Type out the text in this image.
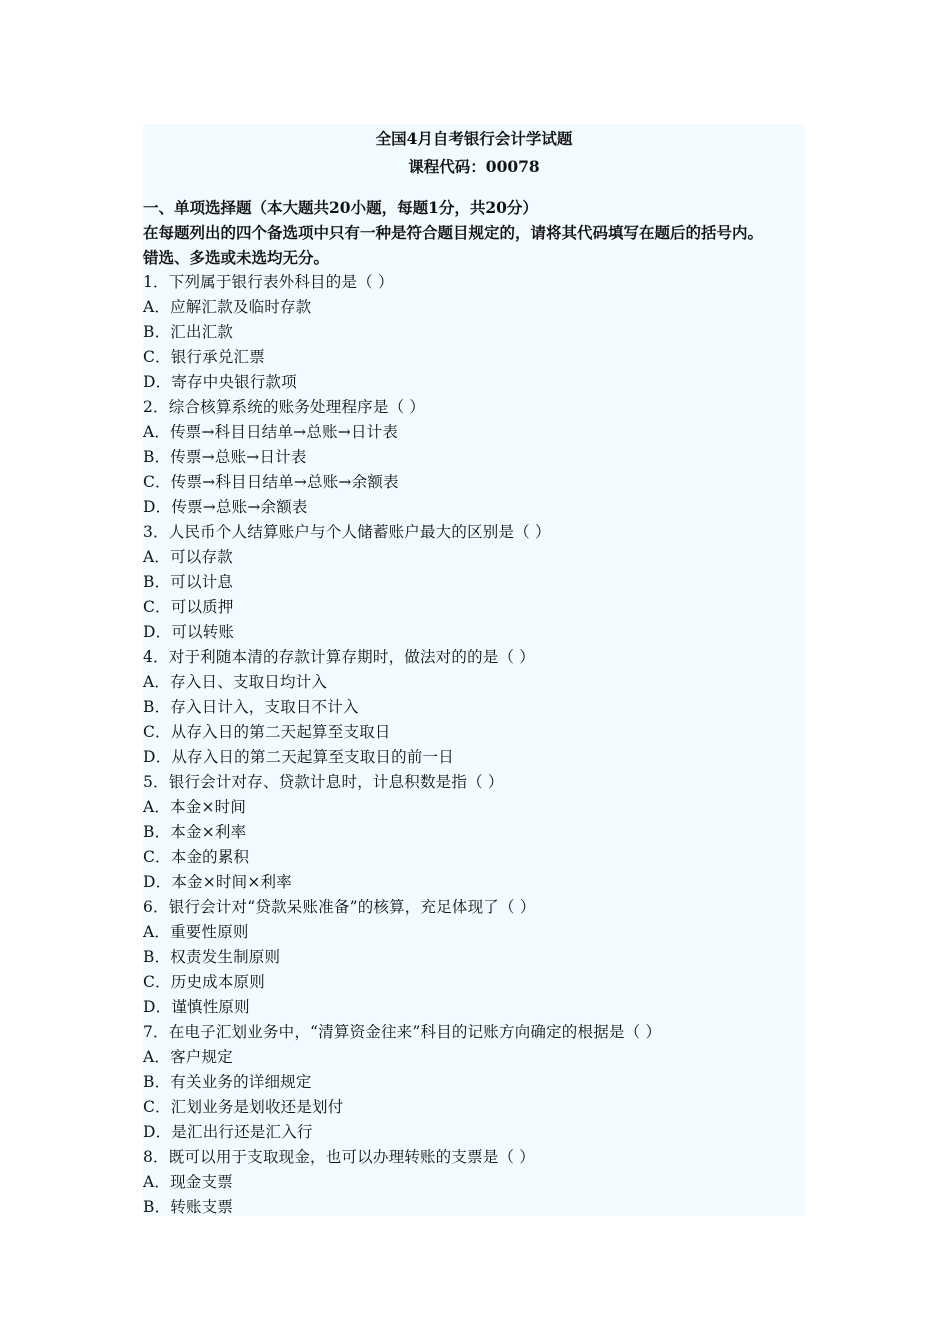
全国4月自考银行会计学试题
课程代码：00078
一、单项选择题（本大题共20小题，每题1分，共20分）
在每题列出的四个备选项中只有一种是符合题目规定的，请将其代码填写在题后的括号内。
错选、多选或未选均无分。
1．下列属于银行表外科目的是（ ）
A．应解汇款及临时存款
B．汇出汇款
C．银行承兑汇票
D．寄存中央银行款项
2．综合核算系统的账务处理程序是（ ）
A．传票→科目日结单→总账→日计表
B．传票→总账→日计表
C．传票→科目日结单→总账→余额表
D．传票→总账→余额表
3．人民币个人结算账户与个人储蓄账户最大的区别是（ ）
A．可以存款
B．可以计息
C．可以质押
D．可以转账
4．对于利随本清的存款计算存期时，做法对的的是（ ）
A．存入日、支取日均计入
B．存入日计入，支取日不计入
C．从存入日的第二天起算至支取日
D．从存入日的第二天起算至支取日的前一日
5．银行会计对存、贷款计息时，计息积数是指（ ）
A．本金×时间
B．本金×利率
C．本金的累积
D．本金×时间×利率
6．银行会计对“贷款呆账准备”的核算，充足体现了（ ）
A．重要性原则
B．权责发生制原则
C．历史成本原则
D．谨慎性原则
7．在电子汇划业务中，“清算资金往来”科目的记账方向确定的根据是（ ）
A．客户规定
B．有关业务的详细规定
C．汇划业务是划收还是划付
D．是汇出行还是汇入行
8．既可以用于支取现金，也可以办理转账的支票是（ ）
A．现金支票
B．转账支票
